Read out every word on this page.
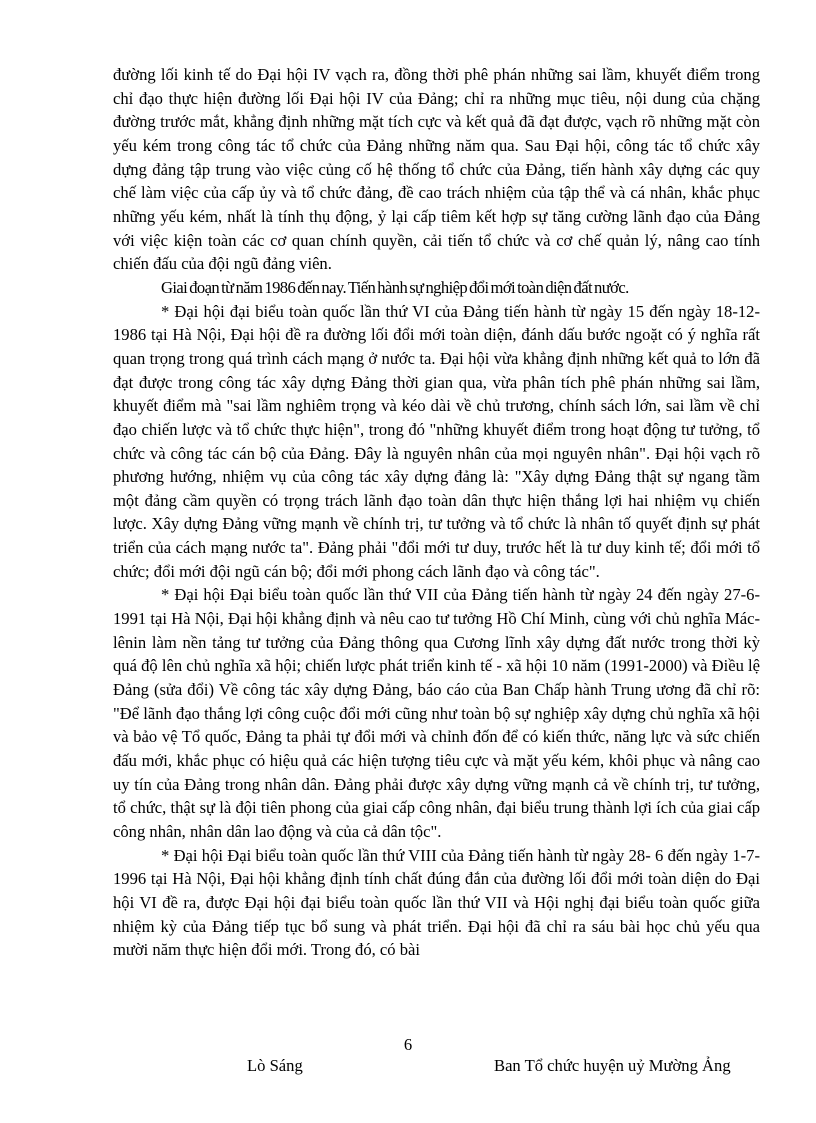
đường lối kinh tế do Đại hội IV vạch ra, đồng thời phê phán những sai lầm, khuyết điểm trong chỉ đạo thực hiện đường lối Đại hội IV của Đảng; chỉ ra những mục tiêu, nội dung của chặng đường trước mắt, khẳng định những mặt tích cực và kết quả đã đạt được, vạch rõ những mặt còn yếu kém trong công tác tổ chức của Đảng những năm qua. Sau Đại hội, công tác tổ chức xây dựng đảng tập trung vào việc củng cố hệ thống tổ chức của Đảng, tiến hành xây dựng các quy chế làm việc của cấp ủy và tổ chức đảng, đề cao trách nhiệm của tập thể và cá nhân, khắc phục những yếu kém, nhất là tính thụ động, ỷ lại cấp tiêm kết hợp sự tăng cường lãnh đạo của Đảng với việc kiện toàn các cơ quan chính quyền, cải tiến tổ chức và cơ chế quản lý, nâng cao tính chiến đấu của đội ngũ đảng viên.

Giai đoạn từ năm 1986 đến nay. Tiến hành sự nghiệp đổi mới toàn diện đất nước.

* Đại hội đại biểu toàn quốc lần thứ VI của Đảng tiến hành từ ngày 15 đến ngày 18-12-1986 tại Hà Nội, Đại hội đề ra đường lối đổi mới toàn diện, đánh dấu bước ngoặt có ý nghĩa rất quan trọng trong quá trình cách mạng ở nước ta. Đại hội vừa khẳng định những kết quả to lớn đã đạt được trong công tác xây dựng Đảng thời gian qua, vừa phân tích phê phán những sai lầm, khuyết điểm mà "sai lầm nghiêm trọng và kéo dài về chủ trương, chính sách lớn, sai lầm về chỉ đạo chiến lược và tổ chức thực hiện", trong đó "những khuyết điểm trong hoạt động tư tưởng, tổ chức và công tác cán bộ của Đảng. Đây là nguyên nhân của mọi nguyên nhân". Đại hội vạch rõ phương hướng, nhiệm vụ của công tác xây dựng đảng là: "Xây dựng Đảng thật sự ngang tầm một đảng cầm quyền có trọng trách lãnh đạo toàn dân thực hiện thắng lợi hai nhiệm vụ chiến lược. Xây dựng Đảng vững mạnh về chính trị, tư tưởng và tổ chức là nhân tố quyết định sự phát triển của cách mạng nước ta". Đảng phải "đổi mới tư duy, trước hết là tư duy kinh tế; đổi mới tổ chức; đổi mới đội ngũ cán bộ; đổi mới phong cách lãnh đạo và công tác".

* Đại hội Đại biểu toàn quốc lần thứ VII của Đảng tiến hành từ ngày 24 đến ngày 27-6-1991 tại Hà Nội, Đại hội khẳng định và nêu cao tư tưởng Hồ Chí Minh, cùng với chủ nghĩa Mác-lênin làm nền tảng tư tưởng của Đảng thông qua Cương lĩnh xây dựng đất nước trong thời kỳ quá độ lên chủ nghĩa xã hội; chiến lược phát triển kinh tế - xã hội 10 năm (1991-2000) và Điều lệ Đảng (sửa đổi) Về công tác xây dựng Đảng, báo cáo của Ban Chấp hành Trung ương đã chỉ rõ: "Để lãnh đạo thắng lợi công cuộc đổi mới cũng như toàn bộ sự nghiệp xây dựng chủ nghĩa xã hội và bảo vệ Tổ quốc, Đảng ta phải tự đổi mới và chỉnh đốn để có kiến thức, năng lực và sức chiến đấu mới, khắc phục có hiệu quả các hiện tượng tiêu cực và mặt yếu kém, khôi phục và nâng cao uy tín của Đảng trong nhân dân. Đảng phải được xây dựng vững mạnh cả về chính trị, tư tưởng, tổ chức, thật sự là đội tiên phong của giai cấp công nhân, đại biểu trung thành lợi ích của giai cấp công nhân, nhân dân lao động và của cả dân tộc".

* Đại hội Đại biểu toàn quốc lần thứ VIII của Đảng tiến hành từ ngày 28- 6 đến ngày 1-7-1996 tại Hà Nội, Đại hội khẳng định tính chất đúng đắn của đường lối đổi mới toàn diện do Đại hội VI đề ra, được Đại hội đại biểu toàn quốc lần thứ VII và Hội nghị đại biểu toàn quốc giữa nhiệm kỳ của Đảng tiếp tục bổ sung và phát triển. Đại hội đã chỉ ra sáu bài học chủ yếu qua mười năm thực hiện đổi mới. Trong đó, có bài

6
Lò Sáng	Ban Tổ chức huyện uỷ Mường Ảng
